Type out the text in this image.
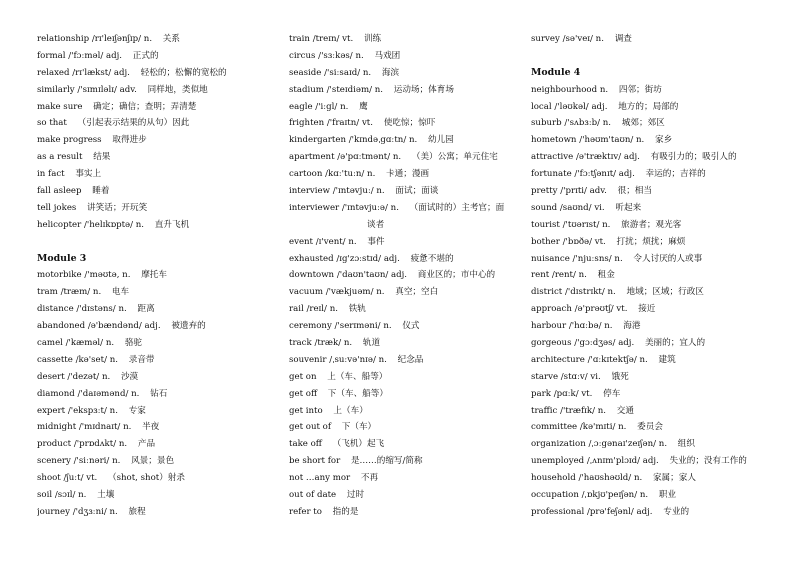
relationship /rɪ'leɪʃənʃɪp/ n. 关系
formal /'fɔːməl/ adj. 正式的
relaxed /rɪ'lækst/ adj. 轻松的；松懈的宽松的
similarly /'sɪmɪləlɪ/ adv. 同样地，类似地
make sure 确定；确信；查明；弄清楚
so that （引起表示结果的从句）因此
make progress 取得进步
as a result 结果
in fact 事实上
fall asleep 睡着
tell jokes 讲笑话；开玩笑
helicopter /'helɪkɒptə/ n. 直升飞机
Module 3
motorbike /'məʊtə, n. 摩托车
tram /træm/ n. 电车
distance /'dɪstəns/ n. 距离
abandoned /ə'bændənd/ adj. 被遗弃的
camel /'kæməl/ n. 骆驼
cassette /kə'set/ n. 录音带
desert /'dezət/ n. 沙漠
diamond /'daɪəmənd/ n. 钻石
expert /'ekspɜːt/ n. 专家
midnight /'mɪdnaɪt/ n. 半夜
product /'prɒdʌkt/ n. 产品
scenery /'siːnəri/ n. 风景；景色
shoot /ʃuːt/ vt. （shot, shot）射杀
soil /sɔɪl/ n. 土壤
journey /'dʒɜːni/ n. 旅程
train /treɪn/ vt. 训练
circus /'sɜːkəs/ n. 马戏团
seaside /'siːsaɪd/ n. 海滨
stadium /'steɪdiəm/ n. 运动场；体育场
eagle /'iːgl/ n. 鹰
frighten /'fraɪtn/ vt. 使吃惊；惊吓
kindergarten /'kɪndəˌgɑːtn/ n. 幼儿园
apartment /ə'pɑːtmənt/ n. （美）公寓；单元住宅
cartoon /kɑː'tuːn/ n. 卡通；漫画
interview /'ɪntəvjuː/ n. 面试；面谈
interviewer /'ɪntəvjuːə/ n. （面试时的）主考官；面
谈者
event /ɪ'vent/ n. 事件
exhausted /ɪg'zɔːstɪd/ adj. 疲惫不堪的
downtown /'daʊn'taʊn/ adj. 商业区的；市中心的
vacuum /'vækjuəm/ n. 真空；空白
rail /reɪl/ n. 铁轨
ceremony /'serɪməni/ n. 仪式
track /træk/ n. 轨道
souvenir /ˌsuːvə'nɪə/ n. 纪念品
get on 上（车、船等）
get off 下（车、船等）
get into 上（车）
get out of 下（车）
take off （飞机）起飞
be short for 是……的缩写/简称
not …any mor 不再
out of date 过时
refer to 指的是
survey /sə'veɪ/ n. 调查
Module 4
neighbourhood n. 四邻；街坊
local /'ləʊkəl/ adj. 地方的；局部的
suburb /'sʌbɜːb/ n. 城郊；郊区
hometown /'həʊm'taʊn/ n. 家乡
attractive /ə'træktɪv/ adj. 有吸引力的；吸引人的
fortunate /'fɔːtʃənɪt/ adj. 幸运的；吉祥的
pretty /'prɪti/ adv. 很；相当
sound /saʊnd/ vi. 听起来
tourist /'tʊərɪst/ n. 旅游者；观光客
bother /'bɒðə/ vt. 打扰；烦扰；麻烦
nuisance /'njuːsns/ n. 令人讨厌的人或事
rent /rent/ n. 租金
district /'dɪstrɪkt/ n. 地域；区域；行政区
approach /ə'prəʊtʃ/ vt. 接近
harbour /'hɑːbə/ n. 海港
gorgeous /'gɔːdʒəs/ adj. 美丽的；宜人的
architecture /'ɑːkɪtektʃə/ n. 建筑
starve /stɑːv/ vi. 饿死
park /pɑːk/ vt. 停车
traffic /'træfɪk/ n. 交通
committee /kə'mɪti/ n. 委员会
organization /ˌɔːgənaɪ'zeɪʃən/ n. 组织
unemployed /ˌʌnɪm'plɔɪd/ adj. 失业的；没有工作的
household /'haʊshəʊld/ n. 家属；家人
occupation /ˌɒkjʊ'peɪʃən/ n. 职业
professional /prə'feʃənl/ adj. 专业的
